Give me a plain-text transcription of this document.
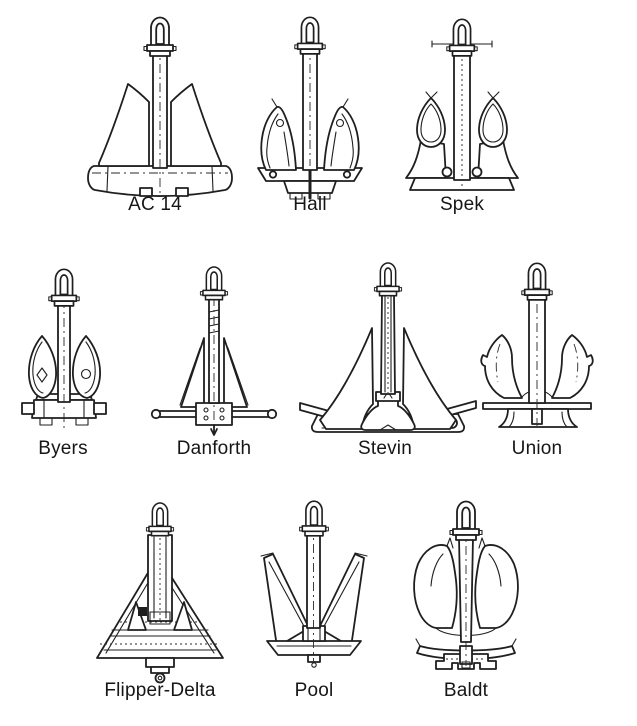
AC 14	Hall	Spek
Byers	Danforth	Stevin	Union
Flipper-Delta	Pool	Baldt
